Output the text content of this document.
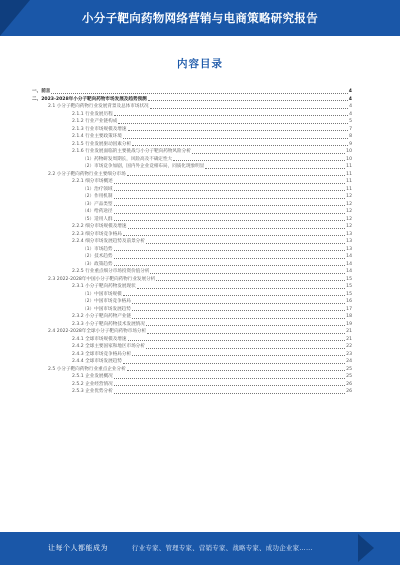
小分子靶向药物网络营销与电商策略研究报告
内容目录
一、前言	4
二、2023-2028年小分子靶向药物市场发展及趋势预测	4
2.1 小分子靶向药物行业发展背景及总体市场状况	4
2.1.1 行业发展历程	4
2.1.2 行业产业链构成	5
2.1.3 行业市场规模及增速	7
2.1.4 行业主要政策环境	8
2.1.5 行业发展驱动因素分析	9
2.1.6 行业发展面临的主要挑战与小分子靶向药物风险分析	10
（1）药物研发周期长，风险高及不确定性大	10
（2）市场竞争加剧，国内外企业竞相布局，同质化现象明显	11
2.2 小分子靶向药物行业主要细分市场	11
2.2.1 细分市场概述	11
（1）治疗领域	11
（2）作用机制	12
（3）产品类型	12
（4）给药途径	12
（5）适用人群	12
2.2.2 细分市场规模及增速	12
2.2.3 细分市场竞争格局	13
2.2.4 细分市场发展趋势及前景分析	13
（1）市场趋势	13
（2）技术趋势	14
（3）政策趋势	14
2.2.5 行业重点细分市场投资价值分析	14
2.3 2022-2028年中国小分子靶向药物行业发展分析	15
2.3.1 小分子靶向药物发展现状	15
（1）中国市场规模	15
（2）中国市场竞争格局	16
（3）中国市场发展趋势	17
2.3.2 小分子靶向药物产业链	18
2.3.3 小分子靶向药物技术发展情况	19
2.4 2022-2028年全球小分子靶向药物市场分析	21
2.4.1 全球市场规模及增速	21
2.4.2 全球主要国家和地区市场分析	22
2.4.3 全球市场竞争格局分析	23
2.4.4 全球市场发展趋势	24
2.5 小分子靶向药物行业重点企业分析	25
2.5.1 企业发展概况	25
2.5.2 企业经营情况	26
2.5.3 企业优势分析	26
让每个人都能成为	行业专家、管理专家、营销专家、战略专家、成功企业家……
